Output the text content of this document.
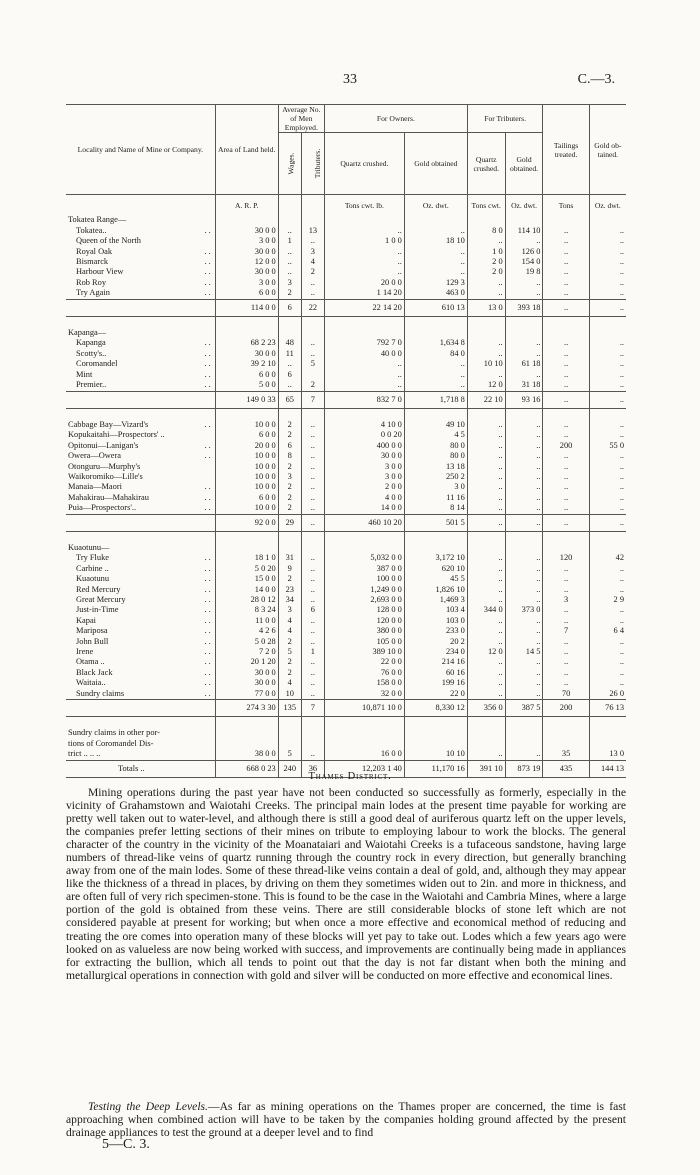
33	C.—3.
Locality and Name of Mine or Company.	Area of Land held.	Average No. of Men Employed.		For Owners.		For Tributers.		Tailings treated.	Gold ob-tained.
		Wages.	Tributers.	Quartz crushed.	Gold obtained	Quartz crushed.	Gold obtained.		

	A. R. P.			Tons cwt. lb.	Oz. dwt.	Tons cwt.	Oz. dwt.	Tons	Oz. dwt.
Tokatea Range—									

..
Tokatea..	30 0 0	..	13	..	..	8 0	114 10	..	..
Queen of the North	3 0 0	1	..	1 0 0	18 10	..	..	..	..

..
Royal Oak	30 0 0	..	3	..	..	1 0	126 0	..	..

..
Bismarck	12 0 0	..	4	..	..	2 0	154 0	..	..

..
Harbour View	30 0 0	..	2	..	..	2 0	19 8	..	..

..
Rob Roy	3 0 0	3	..	20 0 0	129 3	..	..	..	..

..
Try Again	6 0 0	2	..	1 14 20	463 0	..	..	..	..
	114 0 0	6	22	22 14 20	610 13	13 0	393 18	..	..

Kapanga—									

..
Kapanga	68 2 23	48	..	792 7 0	1,634 8	..	..	..	..

..
Scotty's..	30 0 0	11	..	40 0 0	84 0	..	..	..	..

..
Coromandel	39 2 10	..	5	..	..	10 10	61 18	..	..

..
Mint	6 0 0	6		..	..	..	..	..	..

..
Premier..	5 0 0	..	2	..	..	12 0	31 18	..	..
	149 0 33	65	7	832 7 0	1,718 8	22 10	93 16	..	..

..
Cabbage Bay—Vizard's	10 0 0	2	..	4 10 0	49 10	..	..	..	..
Kopukaitahi—Prospectors' ..	6 0 0	2	..	0 0 20	4 5	..	..	..	..

..
Opitonui—Lanigan's	20 0 0	6	..	400 0 0	80 0	..	..	200	55 0

..
Owera—Owera	10 0 0	8	..	30 0 0	80 0	..	..	..	..
Otonguru—Murphy's	10 0 0	2	..	3 0 0	13 18	..	..	..	..
Waikoromiko—Lille's	10 0 0	3	..	3 0 0	250 2	..	..	..	..

..
Manaia—Maori	10 0 0	2	..	2 0 0	3 0	..	..	..	..

..
Mahakirau—Mahakirau	6 0 0	2	..	4 0 0	11 16	..	..	..	..

..
Puia—Prospectors'..	10 0 0	2	..	14 0 0	8 14	..	..	..	..
	92 0 0	29	..	460 10 20	501 5	..	..	..	..

Kuaotunu—									

..
Try Fluke	18 1 0	31	..	5,032 0 0	3,172 10	..	..	120	42

..
Carbine ..	5 0 20	9	..	387 0 0	620 10	..	..	..	..

..
Kuaotunu	15 0 0	2	..	100 0 0	45 5	..	..	..	..

..
Red Mercury	14 0 0	23	..	1,249 0 0	1,826 10	..	..	..	..

..
Great Mercury	28 0 12	34	..	2,693 0 0	1,469 3	..	..	3	2 9

..
Just-in-Time	8 3 24	3	6	128 0 0	103 4	344 0	373 0	..	..

..
Kapai	11 0 0	4	..	120 0 0	103 0	..	..	..	..

..
Mariposa	4 2 6	4	..	380 0 0	233 0	..	..	7	6 4

..
John Bull	5 0 28	2	..	105 0 0	20 2	..	..	..	..

..
Irene	7 2 0	5	1	389 10 0	234 0	12 0	14 5	..	..

..
Otama ..	20 1 20	2	..	22 0 0	214 16	..	..	..	..

..
Black Jack	30 0 0	2	..	76 0 0	60 16	..	..	..	..

..
Waitaia..	30 0 0	4	..	158 0 0	199 16	..	..	..	..

..
Sundry claims	77 0 0	10	..	32 0 0	22 0	..	..	70	26 0
	274 3 30	135	7	10,871 10 0	8,330 12	356 0	387 5	200	76 13

Sundry claims in other por-									
tions of Coromandel Dis-									
trict .. .. ..	38 0 0	5	..	16 0 0	10 10	..	..	35	13 0
Totals ..	668 0 23	240	36	12,203 1 40	11,170 16	391 10	873 19	435	144 13
Thames District.

Mining operations during the past year have not been conducted so successfully as formerly, especially in the vicinity of Grahamstown and Waiotahi Creeks. The principal main lodes at the present time payable for working are pretty well taken out to water-level, and although there is still a good deal of auriferous quartz left on the upper levels, the companies prefer letting sections of their mines on tribute to employing labour to work the blocks. The general character of the country in the vicinity of the Moanataiari and Waiotahi Creeks is a tufaceous sandstone, having large numbers of thread-like veins of quartz running through the country rock in every direction, but generally branching away from one of the main lodes. Some of these thread-like veins contain a deal of gold, and, although they may appear like the thickness of a thread in places, by driving on them they sometimes widen out to 2in. and more in thickness, and are often full of very rich specimen-stone. This is found to be the case in the Waiotahi and Cambria Mines, where a large portion of the gold is obtained from these veins. There are still considerable blocks of stone left which are not considered payable at present for working; but when once a more effective and economical method of reducing and treating the ore comes into operation many of these blocks will yet pay to take out. Lodes which a few years ago were looked on as valueless are now being worked with success, and improvements are continually being made in appliances for extracting the bullion, which all tends to point out that the day is not far distant when both the mining and metallurgical operations in connection with gold and silver will be conducted on more effective and economical lines.

Testing the Deep Levels.—As far as mining operations on the Thames proper are concerned, the time is fast approaching when combined action will have to be taken by the companies holding ground affected by the present drainage appliances to test the ground at a deeper level and to find

5—C. 3.
